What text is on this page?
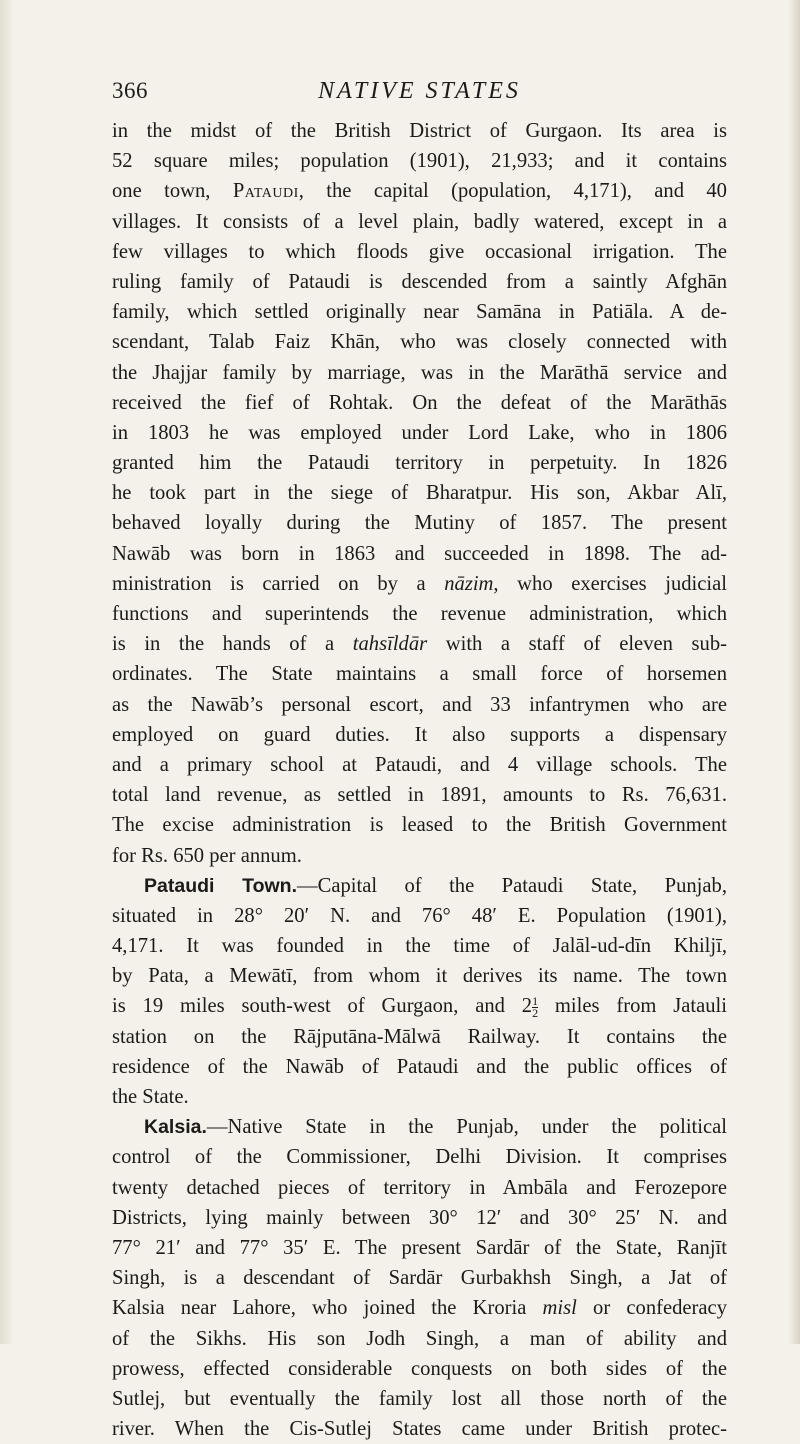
366	NATIVE STATES
in the midst of the British District of Gurgaon. Its area is
52 square miles; population (1901), 21,933; and it contains
one town, Pataudi, the capital (population, 4,171), and 40
villages. It consists of a level plain, badly watered, except in a
few villages to which floods give occasional irrigation. The
ruling family of Pataudi is descended from a saintly Afghān
family, which settled originally near Samāna in Patiāla. A de-
scendant, Talab Faiz Khān, who was closely connected with
the Jhajjar family by marriage, was in the Marāthā service and
received the fief of Rohtak. On the defeat of the Marāthās
in 1803 he was employed under Lord Lake, who in 1806
granted him the Pataudi territory in perpetuity. In 1826
he took part in the siege of Bharatpur. His son, Akbar Alī,
behaved loyally during the Mutiny of 1857. The present
Nawāb was born in 1863 and succeeded in 1898. The ad-
ministration is carried on by a nāzim, who exercises judicial
functions and superintends the revenue administration, which
is in the hands of a tahsīldār with a staff of eleven sub-
ordinates. The State maintains a small force of horsemen
as the Nawāb’s personal escort, and 33 infantrymen who are
employed on guard duties. It also supports a dispensary
and a primary school at Pataudi, and 4 village schools. The
total land revenue, as settled in 1891, amounts to Rs. 76,631.
The excise administration is leased to the British Government
for Rs. 650 per annum.
Pataudi Town.—Capital of the Pataudi State, Punjab,
situated in 28° 20′ N. and 76° 48′ E. Population (1901),
4,171. It was founded in the time of Jalāl-ud-dīn Khiljī,
by Pata, a Mewātī, from whom it derives its name. The town
is 19 miles south-west of Gurgaon, and $2 \frac{1}{2}$ miles from Jatauli
station on the Rājputāna-Mālwā Railway. It contains the
residence of the Nawāb of Pataudi and the public offices of
the State.
Kalsia.—Native State in the Punjab, under the political
control of the Commissioner, Delhi Division. It comprises
twenty detached pieces of territory in Ambāla and Ferozepore
Districts, lying mainly between 30° 12′ and 30° 25′ N. and
77° 21′ and 77° 35′ E. The present Sardār of the State, Ranjīt
Singh, is a descendant of Sardār Gurbakhsh Singh, a Jat of
Kalsia near Lahore, who joined the Kroria misl or confederacy
of the Sikhs. His son Jodh Singh, a man of ability and
prowess, effected considerable conquests on both sides of the
Sutlej, but eventually the family lost all those north of the
river. When the Cis-Sutlej States came under British protec-
